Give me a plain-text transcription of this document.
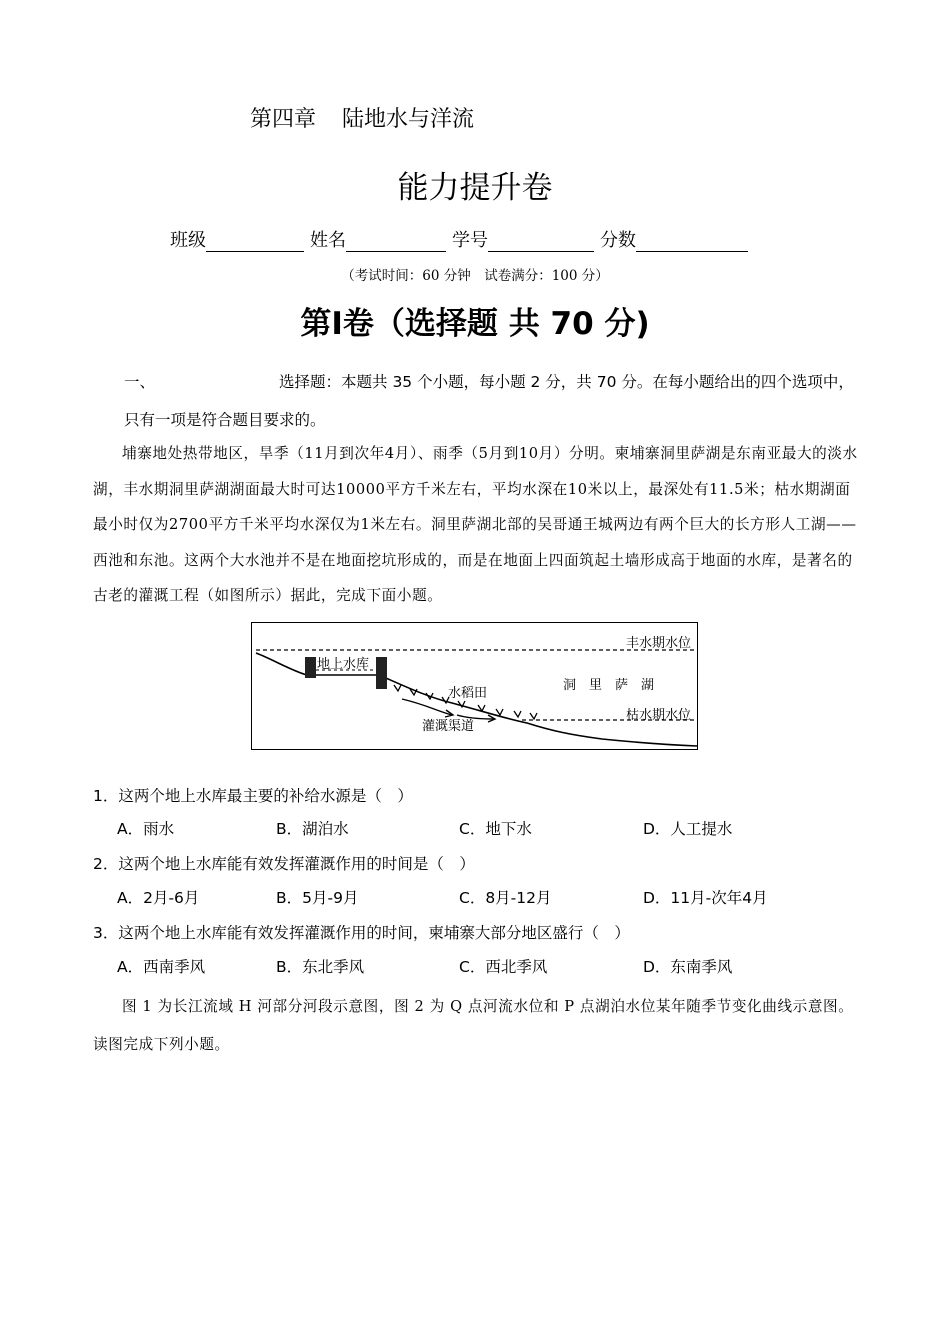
第四章 陆地水与洋流
能力提升卷
班级	姓名	学号	分数
（考试时间：60 分钟　试卷满分：100 分）
第I卷（选择题 共 70 分)
一、	选择题：本题共 35 个小题，每小题 2 分，共 70 分。在每小题给出的四个选项中，
只有一项是符合题目要求的。
埔寨地处热带地区，旱季（11月到次年4月）、雨季（5月到10月）分明。柬埔寨洞里萨湖是东南亚最大的淡水湖，丰水期洞里萨湖湖面最大时可达10000平方千米左右，平均水深在10米以上，最深处有11.5米；枯水期湖面最小时仅为2700平方千米平均水深仅为1米左右。洞里萨湖北部的吴哥通王城两边有两个巨大的长方形人工湖——西池和东池。这两个大水池并不是在地面挖坑形成的，而是在地面上四面筑起土墙形成高于地面的水库，是著名的古老的灌溉工程（如图所示）据此，完成下面小题。
丰水期水位
地上水库
水稻田
洞　里　萨　湖
枯水期水位
灌溉渠道
1．这两个地上水库最主要的补给水源是（　）
A．雨水	B．湖泊水	C．地下水	D．人工提水
2．这两个地上水库能有效发挥灌溉作用的时间是（　）
A．2月-6月	B．5月-9月	C．8月-12月	D．11月-次年4月
3．这两个地上水库能有效发挥灌溉作用的时间，柬埔寨大部分地区盛行（　）
A．西南季风	B．东北季风	C．西北季风	D．东南季风
图 1 为长江流域 H 河部分河段示意图，图 2 为 Q 点河流水位和 P 点湖泊水位某年随季节变化曲线示意图。读图完成下列小题。
